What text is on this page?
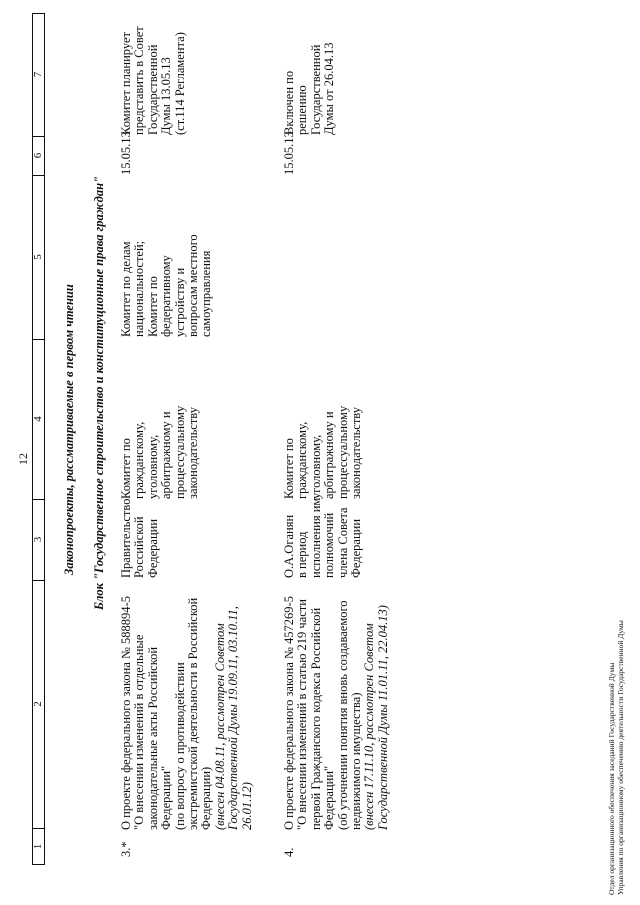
12
1
2
3
4
5
6
7
Законопроекты, рассматриваемые в первом чтении Блок "Государственное строительство и конституционные права граждан"
3.*
О проекте федерального закона № 588894-5 "О внесении изменений в отдельные законодательные акты Российской Федерации" (по вопросу о противодействии экстремистской деятельности в Российской Федерации) (внесен 04.08.11, рассмотрен Советом Государственной Думы 19.09.11, 03.10.11, 26.01.12)
Правительство Российской Федерации
Комитет по гражданскому, уголовному, арбитражному и процессуальному законодательству
Комитет по делам национальностей; Комитет по федеративному устройству и вопросам местного самоуправления
15.05.13
Комитет планирует представить в Совет Государственной Думы 13.05.13 (ст.114 Регламента)
4.
О проекте федерального закона № 457269-5 "О внесении изменений в статью 219 части первой Гражданского кодекса Российской Федерации" (об уточнении понятия вновь создаваемого недвижимого имущества) (внесен 17.11.10, рассмотрен Советом Государственной Думы 11.01.11, 22.04.13)
О.А.Оганян в период исполнения им полномочий члена Совета Федерации
Комитет по гражданскому, уголовному, арбитражному и процессуальному законодательству
15.05.13
Включен по решению Государственной Думы от 26.04.13
Отдел организационного обеспечения заседаний Государственной Думы Управления по организационному обеспечению деятельности Государственной Думы
